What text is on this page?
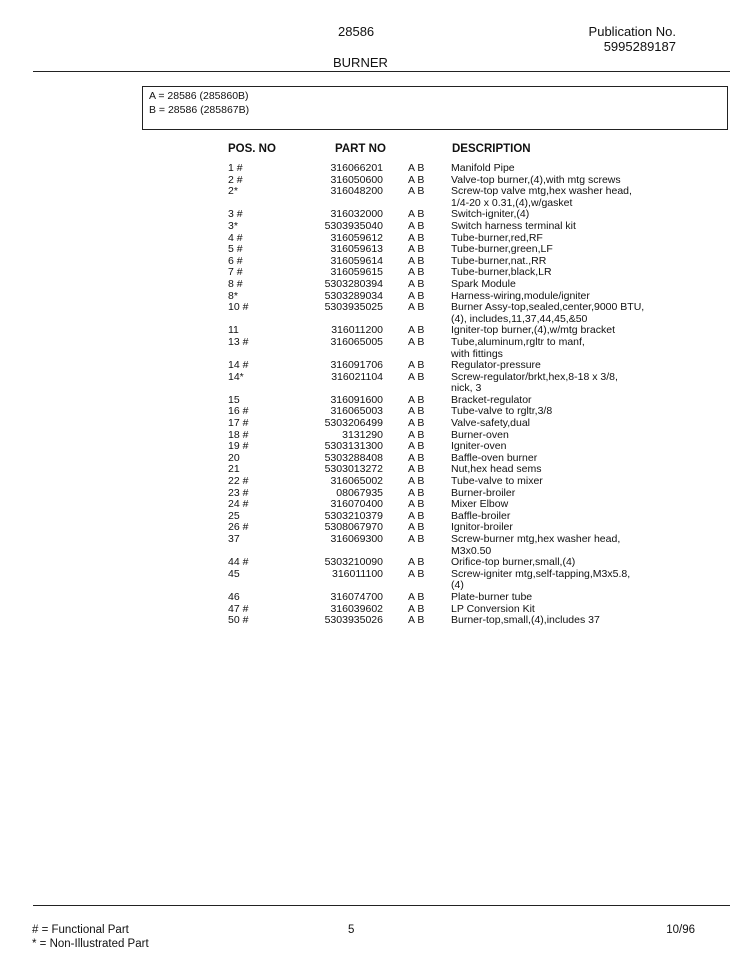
28586	Publication No.
5995289187
BURNER
A = 28586 (285860B)
B = 28586 (285867B)
POS. NO	PART NO	DESCRIPTION
1 #	316066201 A B	Manifold Pipe
2 #	316050600 A B	Valve-top burner,(4),with mtg screws
2*	316048200 A B	Screw-top valve mtg,hex washer head,
1/4-20 x 0.31,(4),w/gasket
3 #	316032000 A B	Switch-igniter,(4)
3*	5303935040 A B	Switch harness terminal kit
4 #	316059612 A B	Tube-burner,red,RF
5 #	316059613 A B	Tube-burner,green,LF
6 #	316059614 A B	Tube-burner,nat.,RR
7 #	316059615 A B	Tube-burner,black,LR
8 #	5303280394 A B	Spark Module
8*	5303289034 A B	Harness-wiring,module/igniter
10 #	5303935025 A B	Burner Assy-top,sealed,center,9000 BTU,
(4), includes,11,37,44,45,&50
11	316011200 A B	Igniter-top burner,(4),w/mtg bracket
13 #	316065005 A B	Tube,aluminum,rgltr to manf,
with fittings
14 #	316091706 A B	Regulator-pressure
14*	316021104 A B	Screw-regulator/brkt,hex,8-18 x 3/8,
nick, 3
15	316091600 A B	Bracket-regulator
16 #	316065003 A B	Tube-valve to rgltr,3/8
17 #	5303206499 A B	Valve-safety,dual
18 #	3131290 A B	Burner-oven
19 #	5303131300 A B	Igniter-oven
20	5303288408 A B	Baffle-oven burner
21	5303013272 A B	Nut,hex head sems
22 #	316065002 A B	Tube-valve to mixer
23 #	08067935 A B	Burner-broiler
24 #	316070400 A B	Mixer Elbow
25	5303210379 A B	Baffle-broiler
26 #	5308067970 A B	Ignitor-broiler
37	316069300 A B	Screw-burner mtg,hex washer head,
M3x0.50
44 #	5303210090 A B	Orifice-top burner,small,(4)
45	316011100 A B	Screw-igniter mtg,self-tapping,M3x5.8,
(4)
46	316074700 A B	Plate-burner tube
47 #	316039602 A B	LP Conversion Kit
50 #	5303935026 A B	Burner-top,small,(4),includes 37
# = Functional Part
* = Non-Illustrated Part
5	10/96
